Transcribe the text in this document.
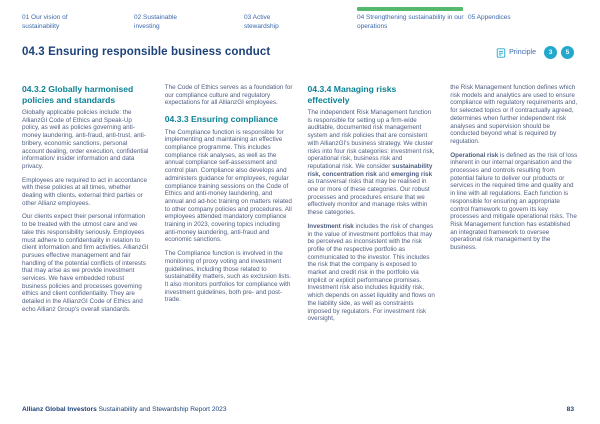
01 Our vision of sustainability
02 Sustainable investing
03 Active stewardship
04 Strengthening sustainability in our operations
05 Appendices
04.3 Ensuring responsible business conduct	Principle	3	5
04.3.2 Globally harmonised policies and standards

Globally applicable policies include: the AllianzGI Code of Ethics and Speak-Up policy, as well as policies governing anti-money laundering, anti-fraud, anti-trust, anti-bribery, economic sanctions, personal account dealing, order execution, confidential information/ insider information and data privacy.

Employees are required to act in accordance with these policies at all times, whether dealing with clients, external third parties or other Allianz employees.

Our clients expect their personal information to be treated with the utmost care and we take this responsibility seriously. Employees must adhere to confidentiality in relation to client information and firm activities. AllianzGI pursues effective management and fair handling of the potential conflicts of interests that may arise as we provide investment services. We have embedded robust business policies and processes governing ethics and client confidentiality. They are detailed in the AllianzGI Code of Ethics and echo Allianz Group's overall standards.

The Code of Ethics serves as a foundation for our compliance culture and regulatory expectations for all AllianzGI employees.

04.3.3 Ensuring compliance

The Compliance function is responsible for implementing and maintaining an effective compliance programme. This includes compliance risk analyses, as well as the annual compliance self-assessment and control plan. Compliance also develops and administers guidance for employees, regular compliance training sessions on the Code of Ethics and anti-money laundering, and annual and ad-hoc training on matters related to other company policies and procedures. All employees attended mandatory compliance training in 2023, covering topics including anti-money laundering, anti-fraud and economic sanctions.

The Compliance function is involved in the monitoring of proxy voting and investment guidelines, including those related to sustainability matters, such as exclusion lists. It also monitors portfolios for compliance with investment guidelines, both pre- and post-trade.

04.3.4 Managing risks effectively

The independent Risk Management function is responsible for setting up a firm-wide auditable, documented risk management system and risk policies that are consistent with AllianzGI's business strategy. We cluster risks into four risk categories: investment risk, operational risk, business risk and reputational risk. We consider sustainability risk, concentration risk and emerging risk as transversal risks that may be realised in one or more of these categories. Our robust processes and procedures ensure that we effectively monitor and manage risks within these categories.

Investment risk includes the risk of changes in the value of investment portfolios that may be perceived as inconsistent with the risk profile of the respective portfolio as communicated to the investor. This includes the risk that the company is exposed to market and credit risk in the portfolio via implicit or explicit performance promises. Investment risk also includes liquidity risk, which depends on asset liquidity and flows on the liability side, as well as constraints imposed by regulators. For investment risk oversight,

the Risk Management function defines which risk models and analytics are used to ensure compliance with regulatory requirements and, for selected topics or if contractually agreed, determines when further independent risk analyses and supervision should be conducted beyond what is required by regulation.

Operational risk is defined as the risk of loss inherent in our internal organisation and the processes and controls resulting from potential failure to deliver our products or services in the required time and quality and in line with all regulations. Each function is responsible for ensuring an appropriate control framework to govern its key processes and mitigate operational risks. The Risk Management function has established an integrated framework to oversee operational risk management by the business.

Allianz Global Investors Sustainability and Stewardship Report 2023	83
